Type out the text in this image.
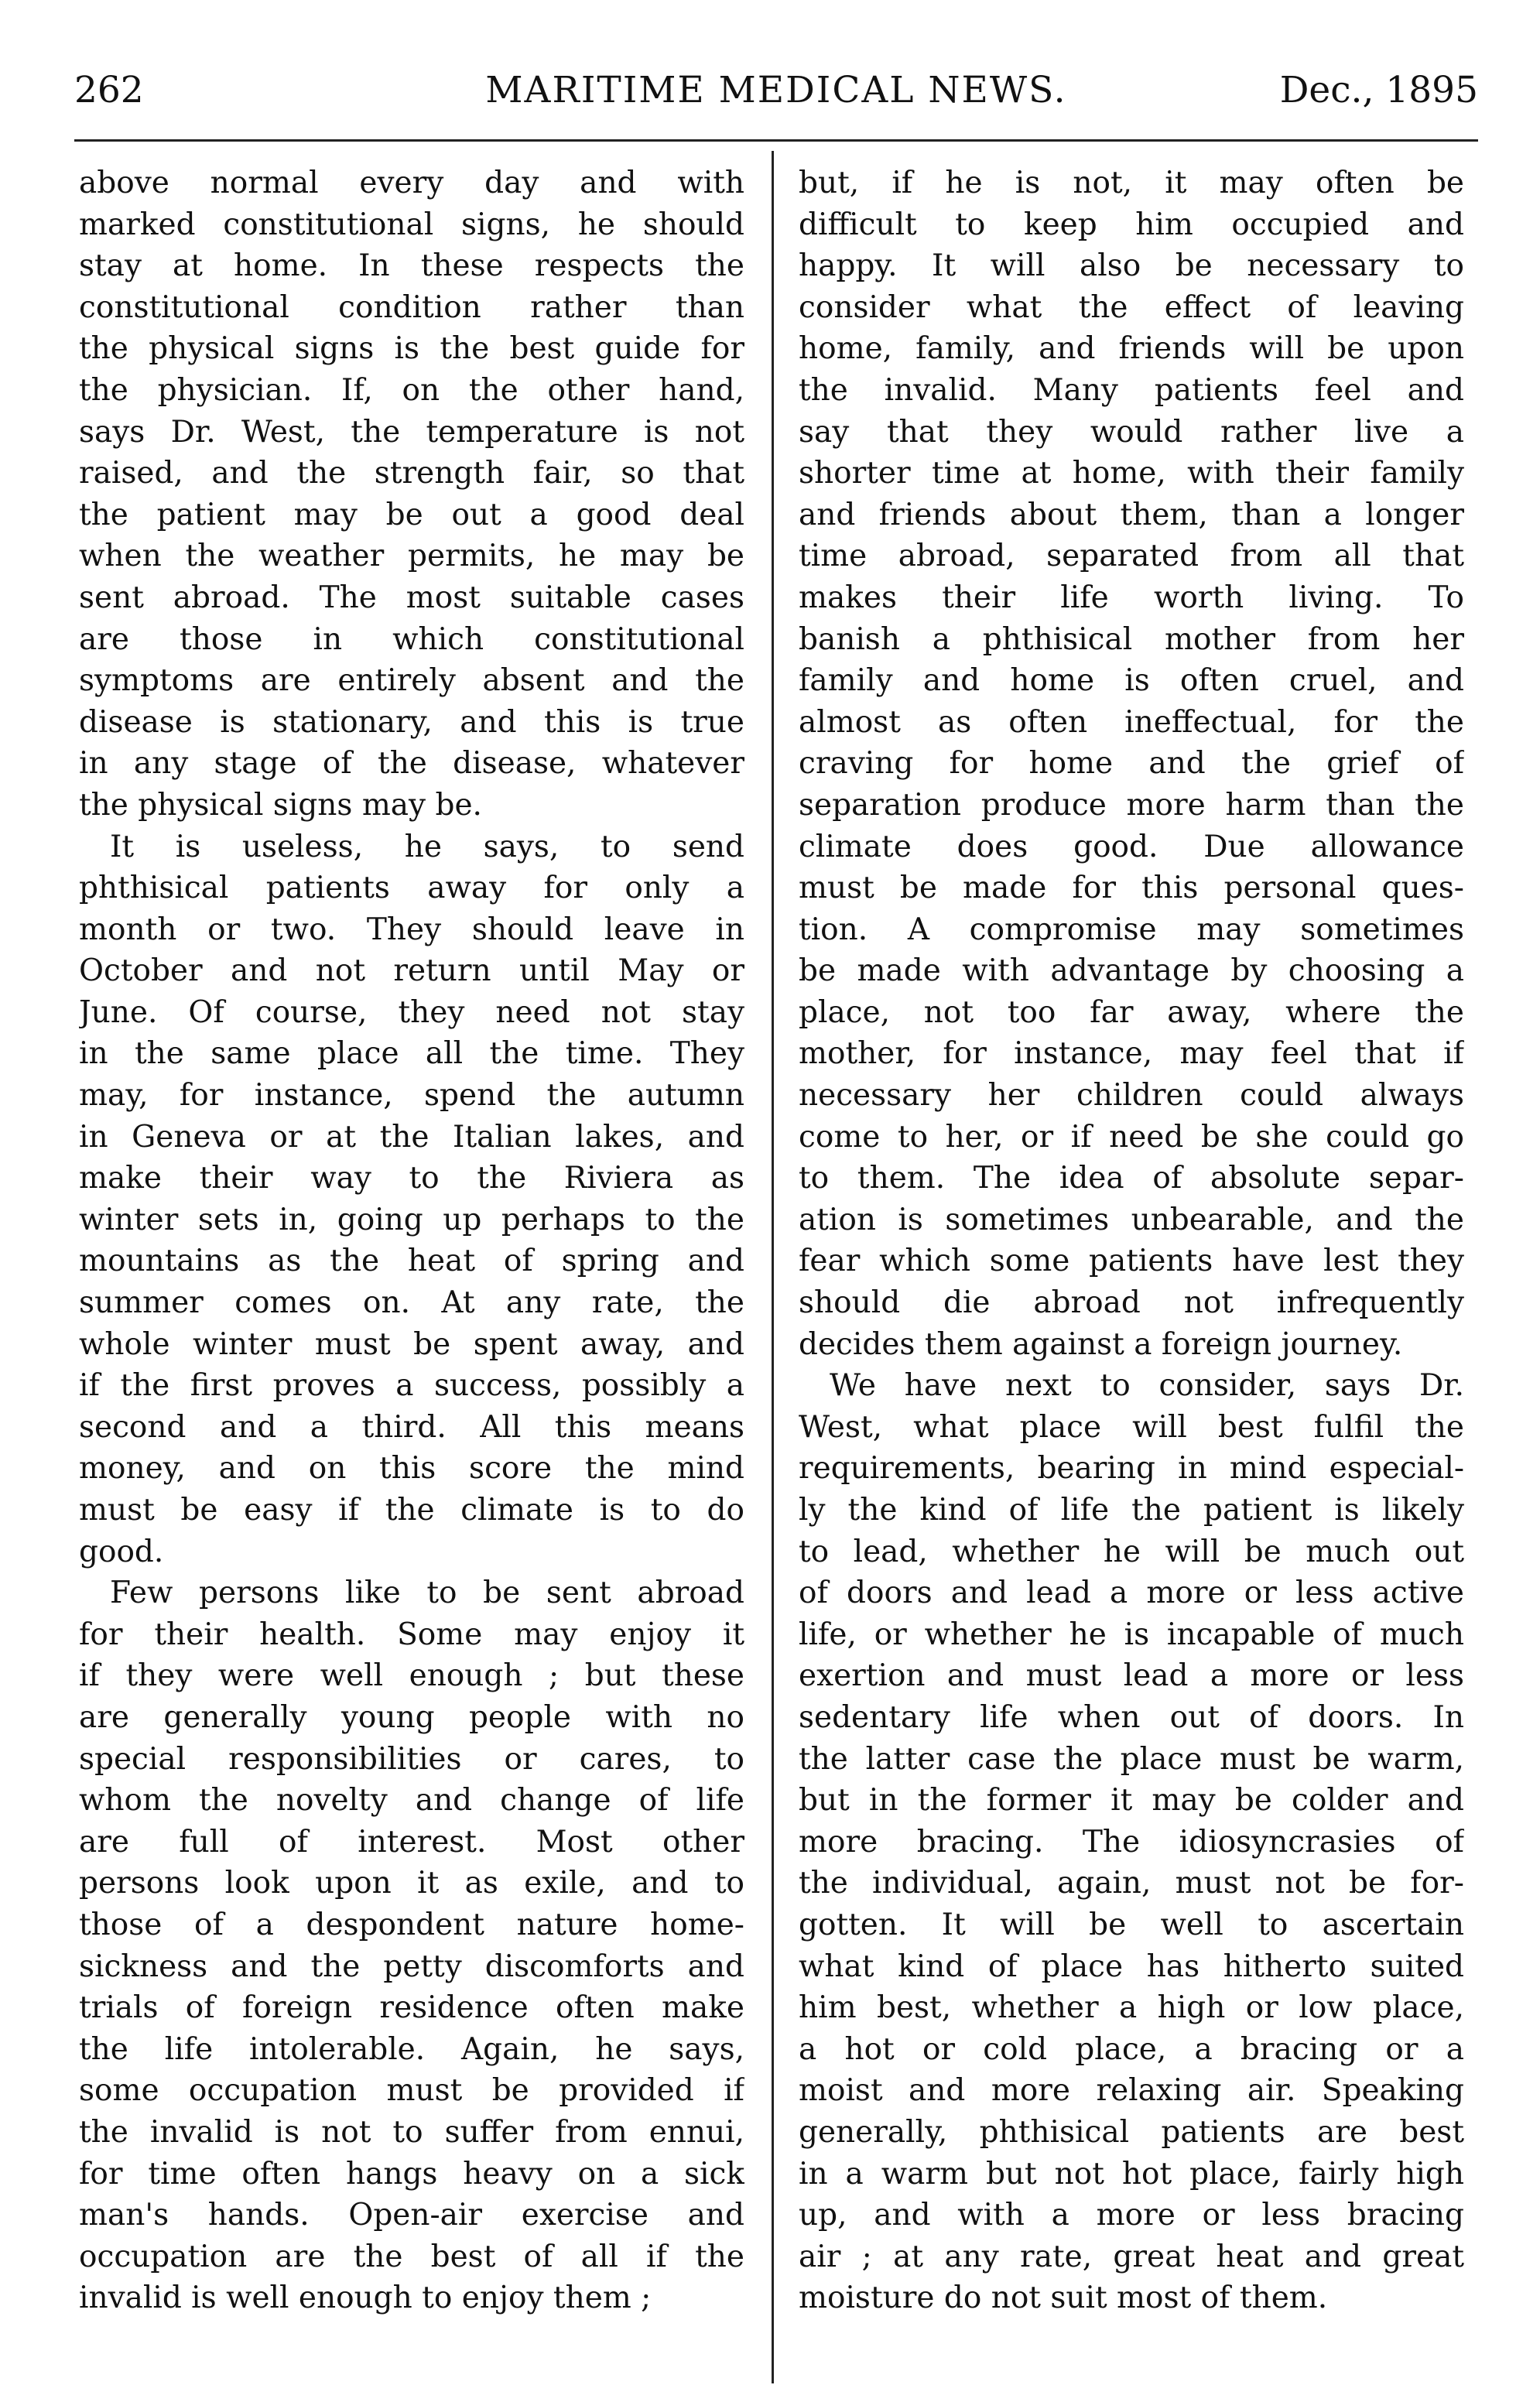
262	MARITIME MEDICAL NEWS.	Dec., 1895
above normal every day and with
marked constitutional signs, he should
stay at home. In these respects the
constitutional condition rather than
the physical signs is the best guide for
the physician. If, on the other hand,
says Dr. West, the temperature is not
raised, and the strength fair, so that
the patient may be out a good deal
when the weather permits, he may be
sent abroad. The most suitable cases
are those in which constitutional
symptoms are entirely absent and the
disease is stationary, and this is true
in any stage of the disease, whatever
the physical signs may be.
It is useless, he says, to send
phthisical patients away for only a
month or two. They should leave in
October and not return until May or
June. Of course, they need not stay
in the same place all the time. They
may, for instance, spend the autumn
in Geneva or at the Italian lakes, and
make their way to the Riviera as
winter sets in, going up perhaps to the
mountains as the heat of spring and
summer comes on. At any rate, the
whole winter must be spent away, and
if the first proves a success, possibly a
second and a third. All this means
money, and on this score the mind
must be easy if the climate is to do
good.
Few persons like to be sent abroad
for their health. Some may enjoy it
if they were well enough ; but these
are generally young people with no
special responsibilities or cares, to
whom the novelty and change of life
are full of interest. Most other
persons look upon it as exile, and to
those of a despondent nature home-
sickness and the petty discomforts and
trials of foreign residence often make
the life intolerable. Again, he says,
some occupation must be provided if
the invalid is not to suffer from ennui,
for time often hangs heavy on a sick
man's hands. Open-air exercise and
occupation are the best of all if the
invalid is well enough to enjoy them ;
but, if he is not, it may often be
difficult to keep him occupied and
happy. It will also be necessary to
consider what the effect of leaving
home, family, and friends will be upon
the invalid. Many patients feel and
say that they would rather live a
shorter time at home, with their family
and friends about them, than a longer
time abroad, separated from all that
makes their life worth living. To
banish a phthisical mother from her
family and home is often cruel, and
almost as often ineffectual, for the
craving for home and the grief of
separation produce more harm than the
climate does good. Due allowance
must be made for this personal ques-
tion. A compromise may sometimes
be made with advantage by choosing a
place, not too far away, where the
mother, for instance, may feel that if
necessary her children could always
come to her, or if need be she could go
to them. The idea of absolute separ-
ation is sometimes unbearable, and the
fear which some patients have lest they
should die abroad not infrequently
decides them against a foreign journey.
We have next to consider, says Dr.
West, what place will best fulfil the
requirements, bearing in mind especial-
ly the kind of life the patient is likely
to lead, whether he will be much out
of doors and lead a more or less active
life, or whether he is incapable of much
exertion and must lead a more or less
sedentary life when out of doors. In
the latter case the place must be warm,
but in the former it may be colder and
more bracing. The idiosyncrasies of
the individual, again, must not be for-
gotten. It will be well to ascertain
what kind of place has hitherto suited
him best, whether a high or low place,
a hot or cold place, a bracing or a
moist and more relaxing air. Speaking
generally, phthisical patients are best
in a warm but not hot place, fairly high
up, and with a more or less bracing
air ; at any rate, great heat and great
moisture do not suit most of them.
